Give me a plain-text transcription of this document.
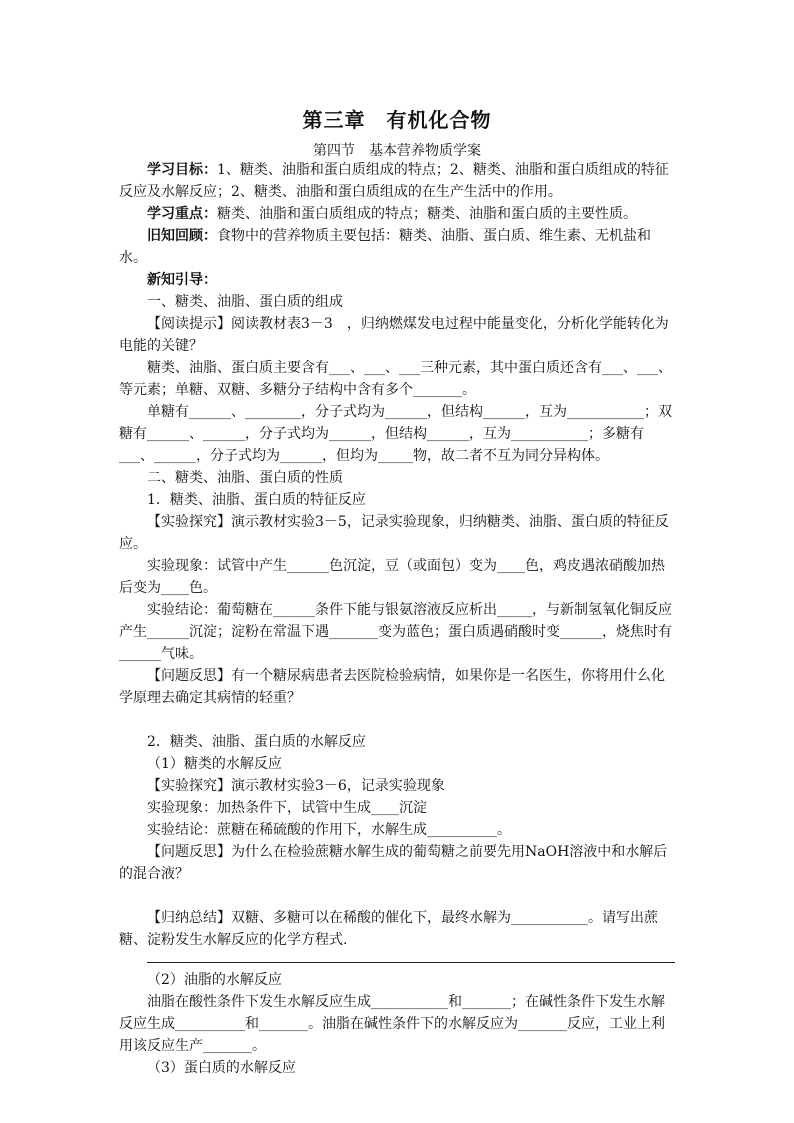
第三章　有机化合物
第四节　基本营养物质学案

学习目标：1、糖类、油脂和蛋白质组成的特点；2、糖类、油脂和蛋白质组成的特征反应及水解反应；2、糖类、油脂和蛋白质组成的在生产生活中的作用。

学习重点：糖类、油脂和蛋白质组成的特点；糖类、油脂和蛋白质的主要性质。

旧知回顾：食物中的营养物质主要包括：糖类、油脂、蛋白质、维生素、无机盐和水。

新知引导：

一、糖类、油脂、蛋白质的组成

【阅读提示】阅读教材表3－3　，归纳燃煤发电过程中能量变化，分析化学能转化为电能的关键？

糖类、油脂、蛋白质主要含有___、___、___三种元素，其中蛋白质还含有___、___、等元素；单糖、双糖、多糖分子结构中含有多个_______。

单糖有______、________，分子式均为______，但结构______，互为___________；双糖有______、______，分子式均为______，但结构______，互为___________；多糖有___、______，分子式均为______，但均为_____物，故二者不互为同分异构体。

二、糖类、油脂、蛋白质的性质

1．糖类、油脂、蛋白质的特征反应

【实验探究】演示教材实验3－5，记录实验现象，归纳糖类、油脂、蛋白质的特征反应。

实验现象：试管中产生______色沉淀，豆（或面包）变为____色，鸡皮遇浓硝酸加热后变为____色。

实验结论：葡萄糖在______条件下能与银氨溶液反应析出_____，与新制氢氧化铜反应产生______沉淀；淀粉在常温下遇_______变为蓝色；蛋白质遇硝酸时变______，烧焦时有______气味。

【问题反思】有一个糖尿病患者去医院检验病情，如果你是一名医生，你将用什么化学原理去确定其病情的轻重？

2．糖类、油脂、蛋白质的水解反应

（1）糖类的水解反应

【实验探究】演示教材实验3－6，记录实验现象

实验现象：加热条件下，试管中生成____沉淀

实验结论：蔗糖在稀硫酸的作用下，水解生成__________。

【问题反思】为什么在检验蔗糖水解生成的葡萄糖之前要先用NaOH溶液中和水解后的混合液？

【归纳总结】双糖、多糖可以在稀酸的催化下，最终水解为___________。请写出蔗糖、淀粉发生水解反应的化学方程式.

（2）油脂的水解反应

油脂在酸性条件下发生水解反应生成___________和_______；在碱性条件下发生水解反应生成__________和_______。油脂在碱性条件下的水解反应为_______反应，工业上利用该反应生产_______。

（3）蛋白质的水解反应
